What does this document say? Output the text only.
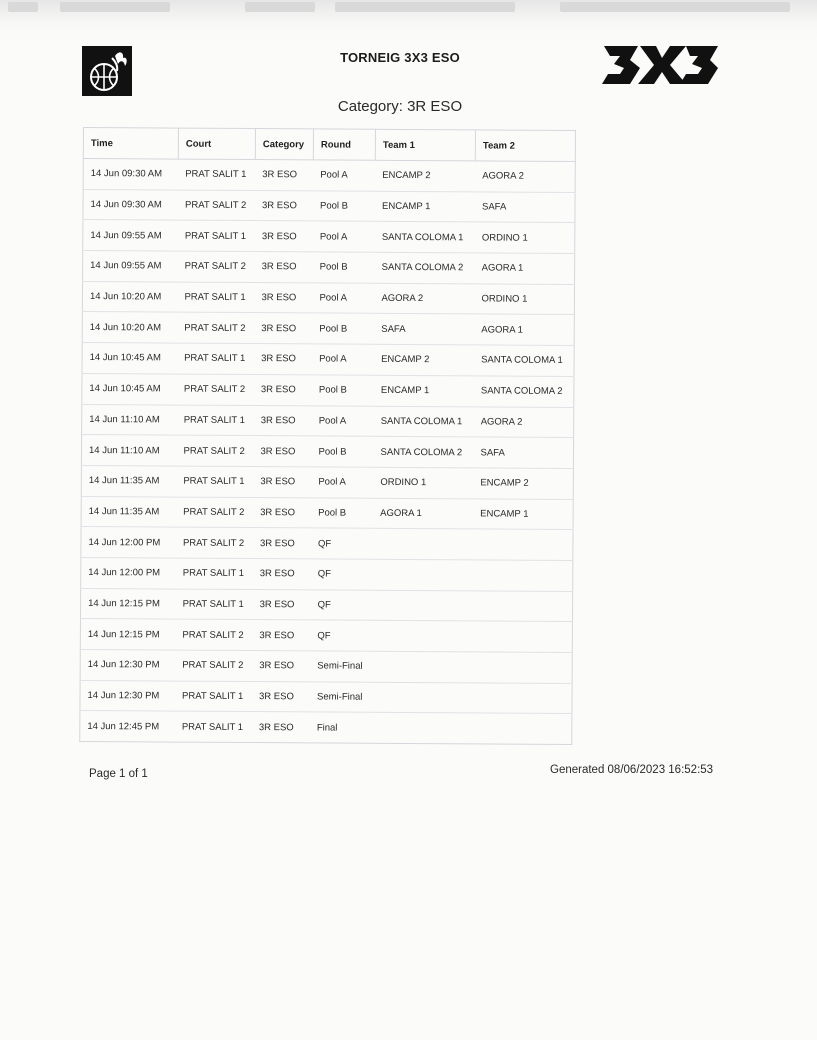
TORNEIG 3X3 ESO
Category: 3R ESO
Time	Court	Category	Round	Team 1	Team 2
14 Jun 09:30 AM	PRAT SALIT 1	3R ESO	Pool A	ENCAMP 2	AGORA 2
14 Jun 09:30 AM	PRAT SALIT 2	3R ESO	Pool B	ENCAMP 1	SAFA
14 Jun 09:55 AM	PRAT SALIT 1	3R ESO	Pool A	SANTA COLOMA 1	ORDINO 1
14 Jun 09:55 AM	PRAT SALIT 2	3R ESO	Pool B	SANTA COLOMA 2	AGORA 1
14 Jun 10:20 AM	PRAT SALIT 1	3R ESO	Pool A	AGORA 2	ORDINO 1
14 Jun 10:20 AM	PRAT SALIT 2	3R ESO	Pool B	SAFA	AGORA 1
14 Jun 10:45 AM	PRAT SALIT 1	3R ESO	Pool A	ENCAMP 2	SANTA COLOMA 1
14 Jun 10:45 AM	PRAT SALIT 2	3R ESO	Pool B	ENCAMP 1	SANTA COLOMA 2
14 Jun 11:10 AM	PRAT SALIT 1	3R ESO	Pool A	SANTA COLOMA 1	AGORA 2
14 Jun 11:10 AM	PRAT SALIT 2	3R ESO	Pool B	SANTA COLOMA 2	SAFA
14 Jun 11:35 AM	PRAT SALIT 1	3R ESO	Pool A	ORDINO 1	ENCAMP 2
14 Jun 11:35 AM	PRAT SALIT 2	3R ESO	Pool B	AGORA 1	ENCAMP 1
14 Jun 12:00 PM	PRAT SALIT 2	3R ESO	QF		
14 Jun 12:00 PM	PRAT SALIT 1	3R ESO	QF		
14 Jun 12:15 PM	PRAT SALIT 1	3R ESO	QF		
14 Jun 12:15 PM	PRAT SALIT 2	3R ESO	QF		
14 Jun 12:30 PM	PRAT SALIT 2	3R ESO	Semi-Final		
14 Jun 12:30 PM	PRAT SALIT 1	3R ESO	Semi-Final		
14 Jun 12:45 PM	PRAT SALIT 1	3R ESO	Final		
Page 1 of 1	Generated 08/06/2023 16:52:53
